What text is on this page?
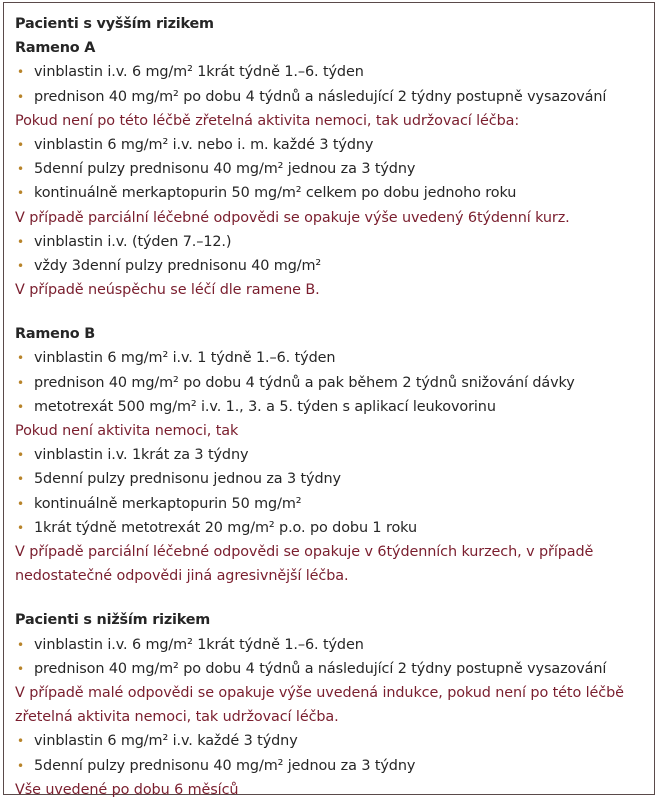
Pacienti s vyšším rizikem
Rameno A
• vinblastin i.v. 6 mg/m² 1krát týdně 1.–6. týden
• prednison 40 mg/m² po dobu 4 týdnů a následující 2 týdny postupně vysazování
Pokud není po této léčbě zřetelná aktivita nemoci, tak udržovací léčba:
• vinblastin 6 mg/m² i.v. nebo i. m. každé 3 týdny
• 5denní pulzy prednisonu 40 mg/m² jednou za 3 týdny
• kontinuálně merkaptopurin 50 mg/m² celkem po dobu jednoho roku
V případě parciální léčebné odpovědi se opakuje výše uvedený 6týdenní kurz.
• vinblastin i.v. (týden 7.–12.)
• vždy 3denní pulzy prednisonu 40 mg/m²
V případě neúspěchu se léčí dle ramene B.
Rameno B
• vinblastin 6 mg/m² i.v. 1 týdně 1.–6. týden
• prednison 40 mg/m² po dobu 4 týdnů a pak během 2 týdnů snižování dávky
• metotrexát 500 mg/m² i.v. 1., 3. a 5. týden s aplikací leukovorinu
Pokud není aktivita nemoci, tak
• vinblastin i.v. 1krát za 3 týdny
• 5denní pulzy prednisonu jednou za 3 týdny
• kontinuálně merkaptopurin 50 mg/m²
• 1krát týdně metotrexát 20 mg/m² p.o. po dobu 1 roku
V případě parciální léčebné odpovědi se opakuje v 6týdenních kurzech, v případě nedostatečné odpovědi jiná agresivnější léčba.
Pacienti s nižším rizikem
• vinblastin i.v. 6 mg/m² 1krát týdně 1.–6. týden
• prednison 40 mg/m² po dobu 4 týdnů a následující 2 týdny postupně vysazování
V případě malé odpovědi se opakuje výše uvedená indukce, pokud není po této léčbě zřetelná aktivita nemoci, tak udržovací léčba.
• vinblastin 6 mg/m² i.v. každé 3 týdny
• 5denní pulzy prednisonu 40 mg/m² jednou za 3 týdny
Vše uvedené po dobu 6 měsíců
